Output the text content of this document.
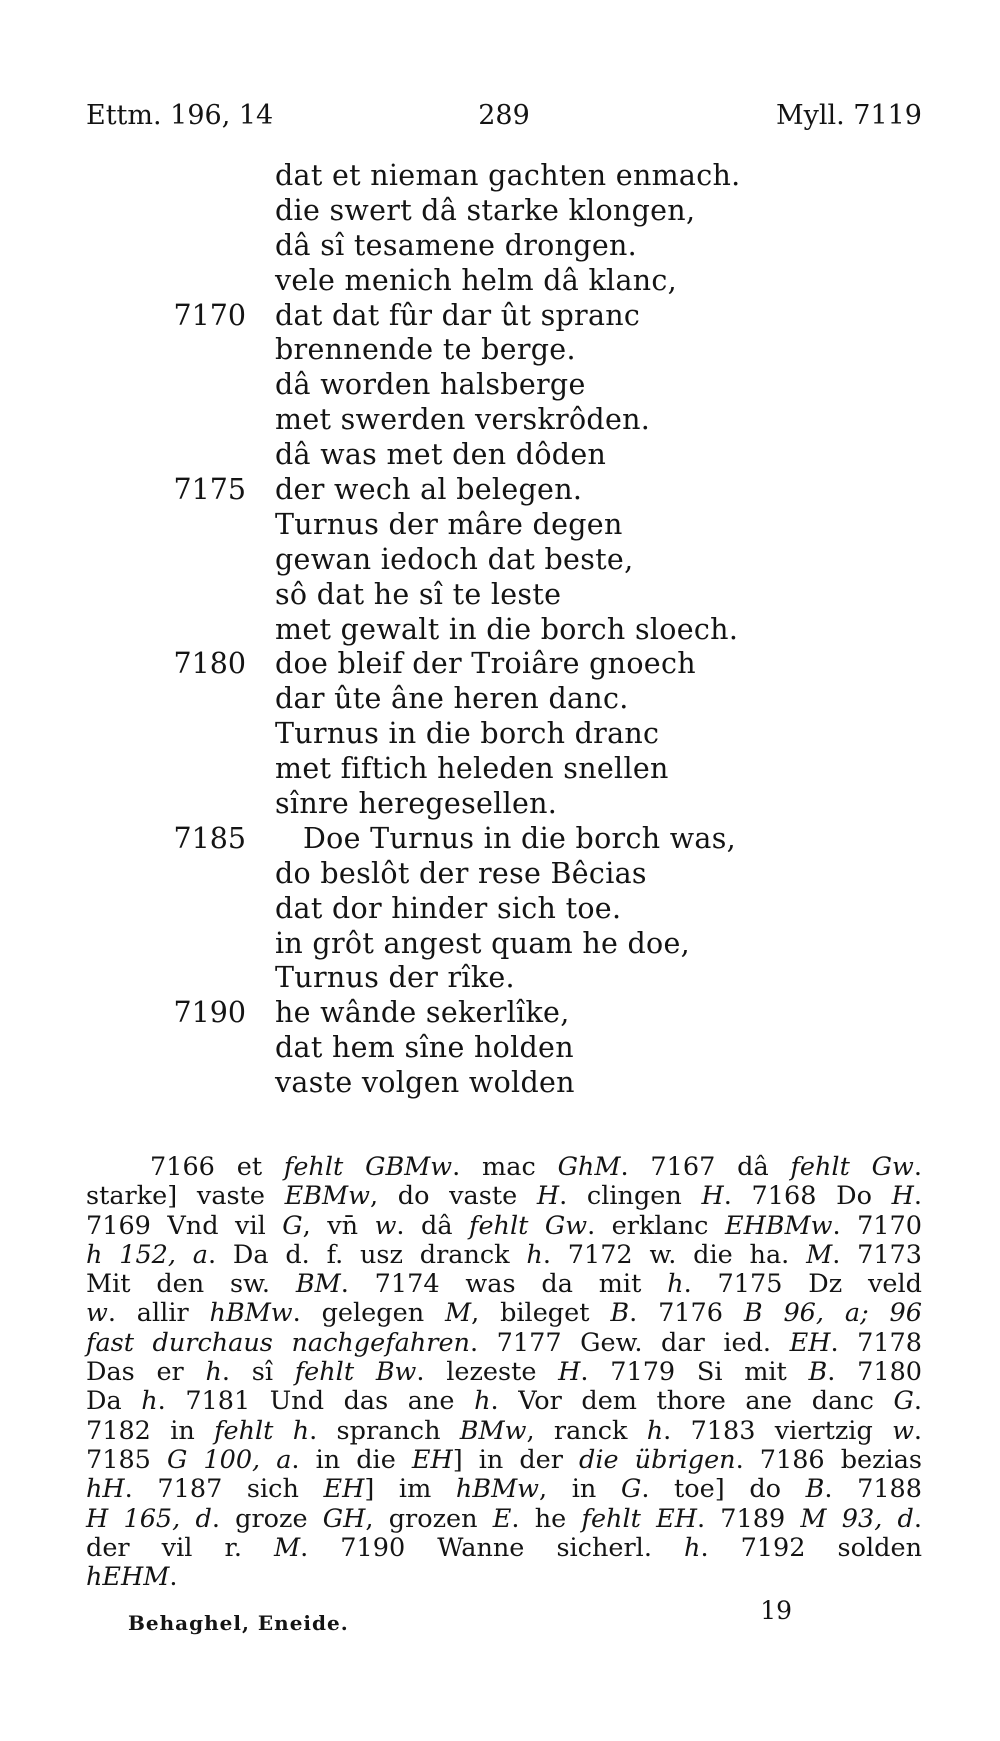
Ettm. 196, 14	289	Myll. 7119
dat et nieman gachten enmach.
die swert dâ starke klongen,
dâ sî tesamene drongen.
vele menich helm dâ klanc,
7170 dat dat fûr dar ût spranc
brennende te berge.
dâ worden halsberge
met swerden verskrôden.
dâ was met den dôden
7175 der wech al belegen.
Turnus der mâre degen
gewan iedoch dat beste,
sô dat he sî te leste
met gewalt in die borch sloech.
7180 doe bleif der Troiâre gnoech
dar ûte âne heren danc.
Turnus in die borch dranc
met fiftich heleden snellen
sînre heregesellen.
7185 Doe Turnus in die borch was,
do beslôt der rese Bêcias
dat dor hinder sich toe.
in grôt angest quam he doe,
Turnus der rîke.
7190 he wânde sekerlîke,
dat hem sîne holden
vaste volgen wolden
7166 et fehlt GBMw. mac GhM. 7167 dâ fehlt Gw.
starke] vaste EBMw, do vaste H. clingen H. 7168 Do H.
7169 Vnd vil G, vn̄ w. dâ fehlt Gw. erklanc EHBMw. 7170
h 152, a. Da d. f. usz dranck h. 7172 w. die ha. M. 7173
Mit den sw. BM. 7174 was da mit h. 7175 Dz veld
w. allir hBMw. gelegen M, bileget B. 7176 B 96, a; 96
fast durchaus nachgefahren. 7177 Gew. dar ied. EH. 7178
Das er h. sî fehlt Bw. lezeste H. 7179 Si mit B. 7180
Da h. 7181 Und das ane h. Vor dem thore ane danc G.
7182 in fehlt h. spranch BMw, ranck h. 7183 viertzig w.
7185 G 100, a. in die EH] in der die übrigen. 7186 bezias
hH. 7187 sich EH] im hBMw, in G. toe] do B. 7188
H 165, d. groze GH, grozen E. he fehlt EH. 7189 M 93, d.
der vil r. M. 7190 Wanne sicherl. h. 7192 solden
hEHM.
Behaghel, Eneide.	19
